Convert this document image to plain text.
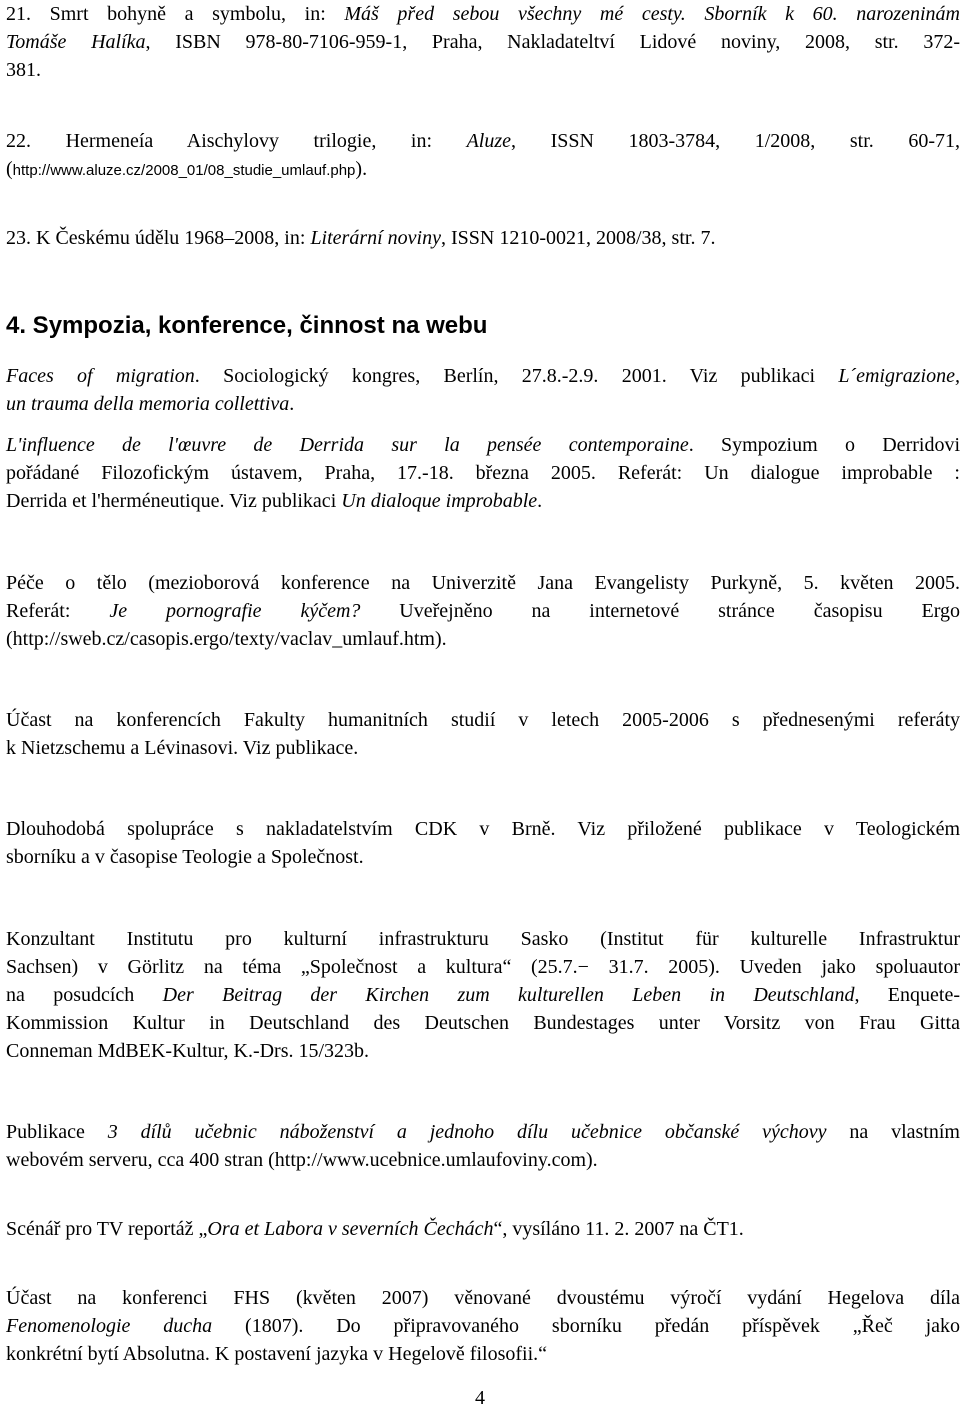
21. Smrt bohyně a symbolu, in: Máš před sebou všechny mé cesty. Sborník k 60. narozeninám
Tomáše Halíka, ISBN 978-80-7106-959-1, Praha, Nakladateltví Lidové noviny, 2008, str. 372-
381.
22. Hermeneía Aischylovy trilogie, in: Aluze, ISSN 1803-3784, 1/2008, str. 60-71,
(http://www.aluze.cz/2008_01/08_studie_umlauf.php).
23. K Českému údělu 1968–2008, in: Literární noviny, ISSN 1210-0021, 2008/38, str. 7.
4. Sympozia, konference, činnost na webu
Faces of migration. Sociologický kongres, Berlín, 27.8.-2.9. 2001. Viz publikaci L´emigrazione,
un trauma della memoria collettiva.
L'influence de l'œuvre de Derrida sur la pensée contemporaine. Sympozium o Derridovi
pořádané Filozofickým ústavem, Praha, 17.-18. března 2005. Referát: Un dialogue improbable :
Derrida et l'herméneutique. Viz publikaci Un dialoque improbable.
Péče o tělo (mezioborová konference na Univerzitě Jana Evangelisty Purkyně, 5. květen 2005.
Referát: Je pornografie kýčem? Uveřejněno na internetové stránce časopisu Ergo
(http://sweb.cz/casopis.ergo/texty/vaclav_umlauf.htm).
Účast na konferencích Fakulty humanitních studií v letech 2005-2006 s přednesenými referáty
k Nietzschemu a Lévinasovi. Viz publikace.
Dlouhodobá spolupráce s nakladatelstvím CDK v Brně. Viz přiložené publikace v Teologickém
sborníku a v časopise Teologie a Společnost.
Konzultant Institutu pro kulturní infrastrukturu Sasko (Institut für kulturelle Infrastruktur
Sachsen) v Görlitz na téma „Společnost a kultura“ (25.7.− 31.7. 2005). Uveden jako spoluautor
na posudcích Der Beitrag der Kirchen zum kulturellen Leben in Deutschland, Enquete-
Kommission Kultur in Deutschland des Deutschen Bundestages unter Vorsitz von Frau Gitta
Conneman MdBEK-Kultur, K.-Drs. 15/323b.
Publikace 3 dílů učebnic náboženství a jednoho dílu učebnice občanské výchovy na vlastním
webovém serveru, cca 400 stran (http://www.ucebnice.umlaufoviny.com).
Scénář pro TV reportáž „Ora et Labora v severních Čechách“, vysíláno 11. 2. 2007 na ČT1.
Účast na konferenci FHS (květen 2007) věnované dvoustému výročí vydání Hegelova díla
Fenomenologie ducha (1807). Do připravovaného sborníku předán příspěvek „Řeč jako
konkrétní bytí Absolutna. K postavení jazyka v Hegelově filosofii.“
4
